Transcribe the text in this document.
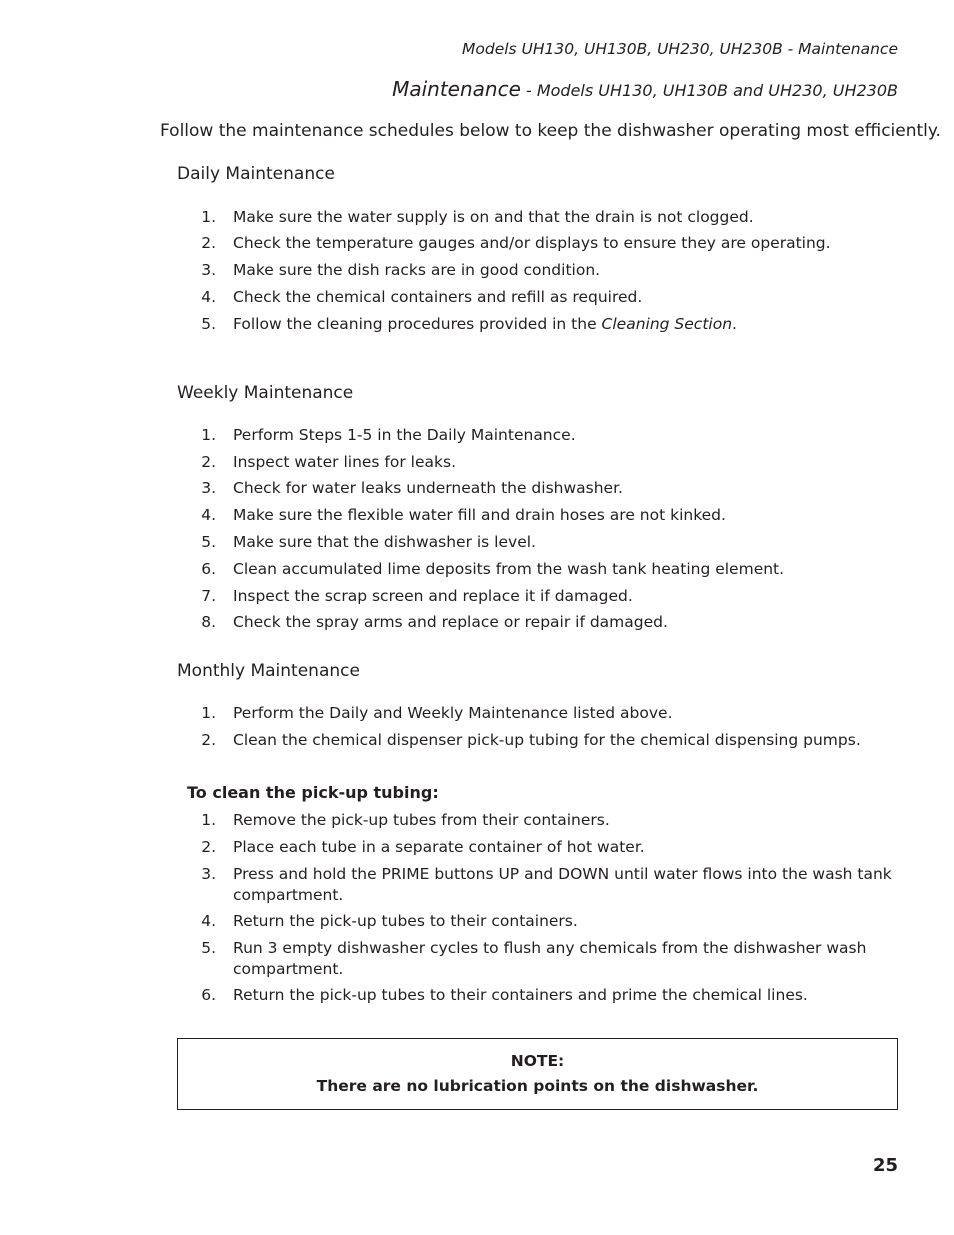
Models UH130, UH130B, UH230, UH230B - Maintenance
Maintenance - Models UH130, UH130B and UH230, UH230B
Follow the maintenance schedules below to keep the dishwasher operating most efficiently.
Daily Maintenance
1. Make sure the water supply is on and that the drain is not clogged.
2. Check the temperature gauges and/or displays to ensure they are operating.
3. Make sure the dish racks are in good condition.
4. Check the chemical containers and refill as required.
5. Follow the cleaning procedures provided in the Cleaning Section.
Weekly Maintenance
1. Perform Steps 1-5 in the Daily Maintenance.
2. Inspect water lines for leaks.
3. Check for water leaks underneath the dishwasher.
4. Make sure the flexible water fill and drain hoses are not kinked.
5. Make sure that the dishwasher is level.
6. Clean accumulated lime deposits from the wash tank heating element.
7. Inspect the scrap screen and replace it if damaged.
8. Check the spray arms and replace or repair if damaged.
Monthly Maintenance
1. Perform the Daily and Weekly Maintenance listed above.
2. Clean the chemical dispenser pick-up tubing for the chemical dispensing pumps.
To clean the pick-up tubing:
1. Remove the pick-up tubes from their containers.
2. Place each tube in a separate container of hot water.
3. Press and hold the PRIME buttons UP and DOWN until water flows into the wash tank compartment.
4. Return the pick-up tubes to their containers.
5. Run 3 empty dishwasher cycles to flush any chemicals from the dishwasher wash compartment.
6. Return the pick-up tubes to their containers and prime the chemical lines.
NOTE:
There are no lubrication points on the dishwasher.
25
